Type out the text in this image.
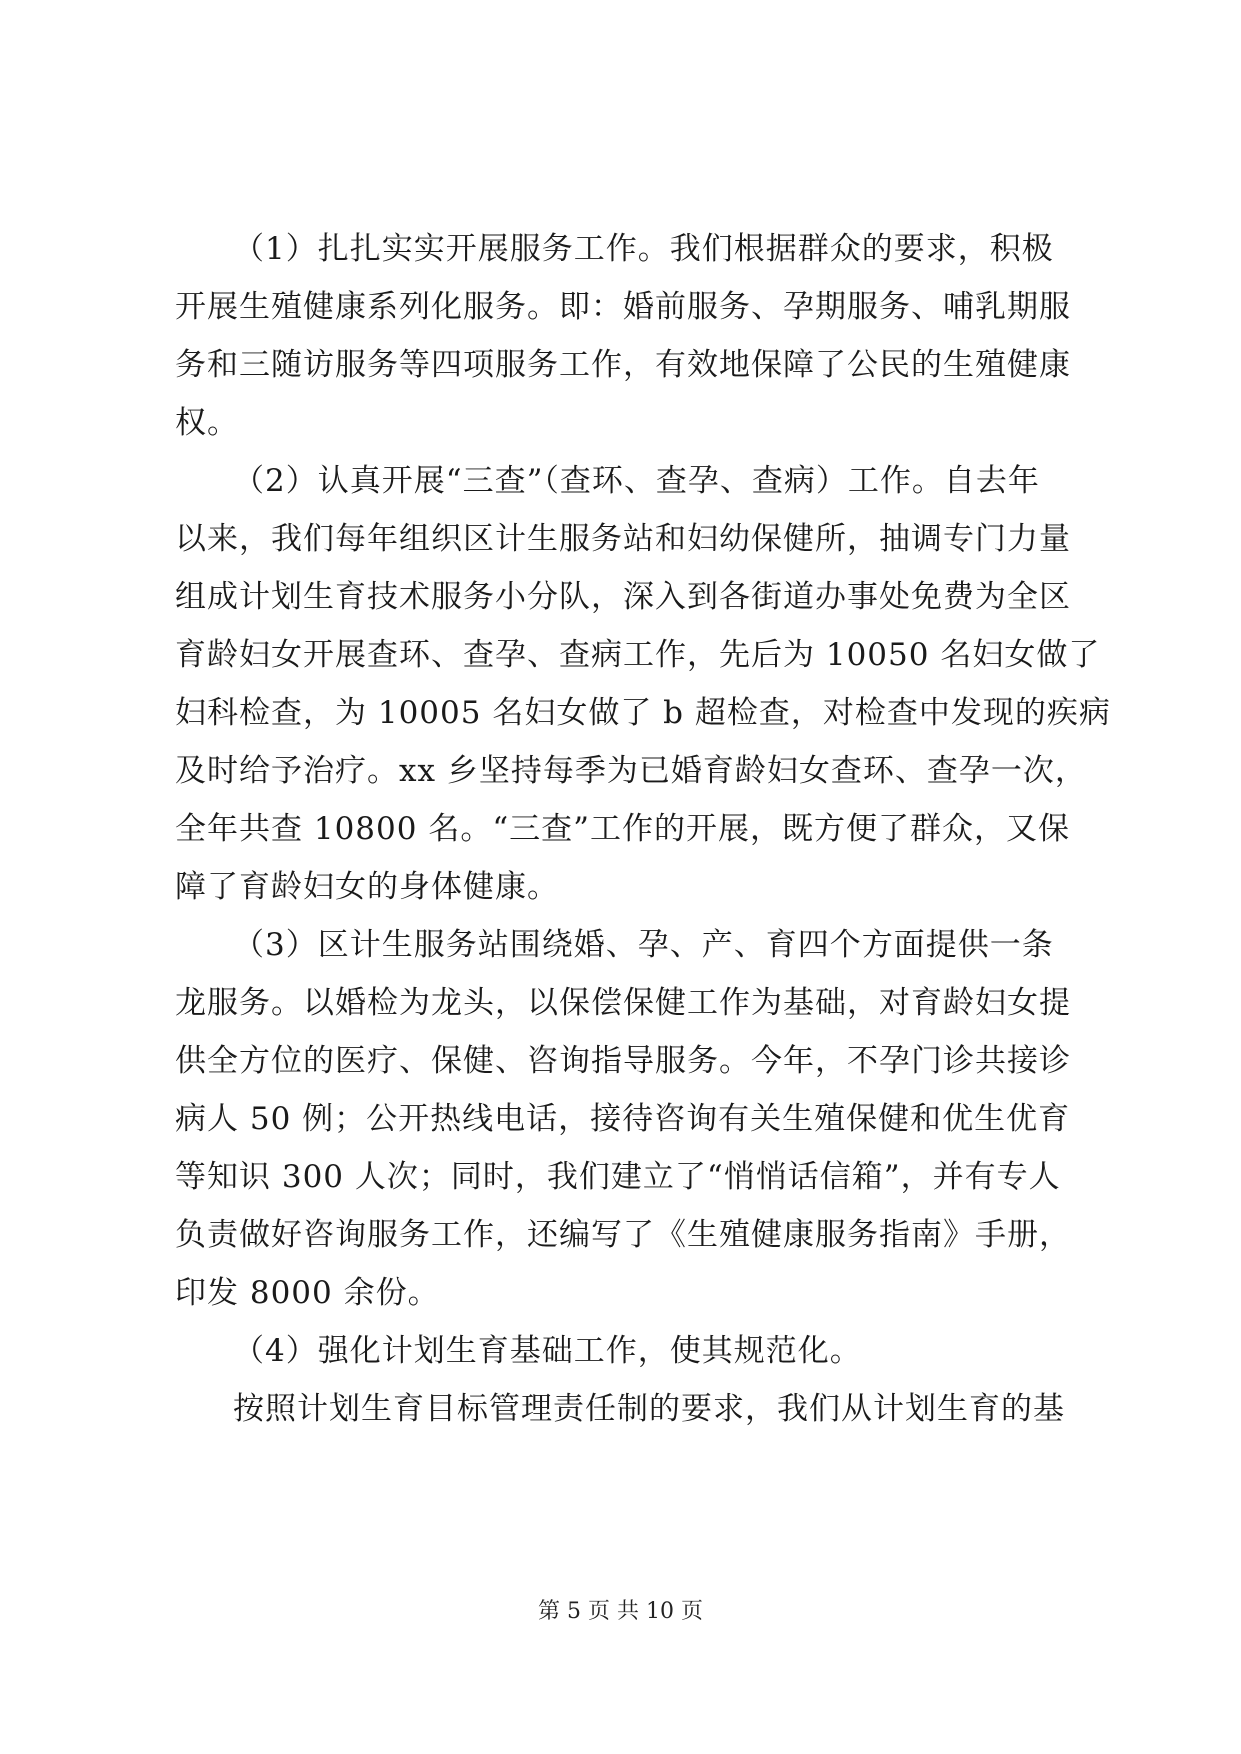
（1）扎扎实实开展服务工作。我们根据群众的要求，积极
开展生殖健康系列化服务。即：婚前服务、孕期服务、哺乳期服
务和三随访服务等四项服务工作，有效地保障了公民的生殖健康
权。
（2）认真开展“三查”（查环、查孕、查病）工作。自去年
以来，我们每年组织区计生服务站和妇幼保健所，抽调专门力量
组成计划生育技术服务小分队，深入到各街道办事处免费为全区
育龄妇女开展查环、查孕、查病工作，先后为 10050 名妇女做了
妇科检查，为 10005 名妇女做了 b 超检查，对检查中发现的疾病
及时给予治疗。xx 乡坚持每季为已婚育龄妇女查环、查孕一次，
全年共查 10800 名。“三查”工作的开展，既方便了群众，又保
障了育龄妇女的身体健康。
（3）区计生服务站围绕婚、孕、产、育四个方面提供一条
龙服务。以婚检为龙头，以保偿保健工作为基础，对育龄妇女提
供全方位的医疗、保健、咨询指导服务。今年，不孕门诊共接诊
病人 50 例；公开热线电话，接待咨询有关生殖保健和优生优育
等知识 300 人次；同时，我们建立了“悄悄话信箱”，并有专人
负责做好咨询服务工作，还编写了《生殖健康服务指南》手册，
印发 8000 余份。
（4）强化计划生育基础工作，使其规范化。
按照计划生育目标管理责任制的要求，我们从计划生育的基
第 5 页 共 10 页
